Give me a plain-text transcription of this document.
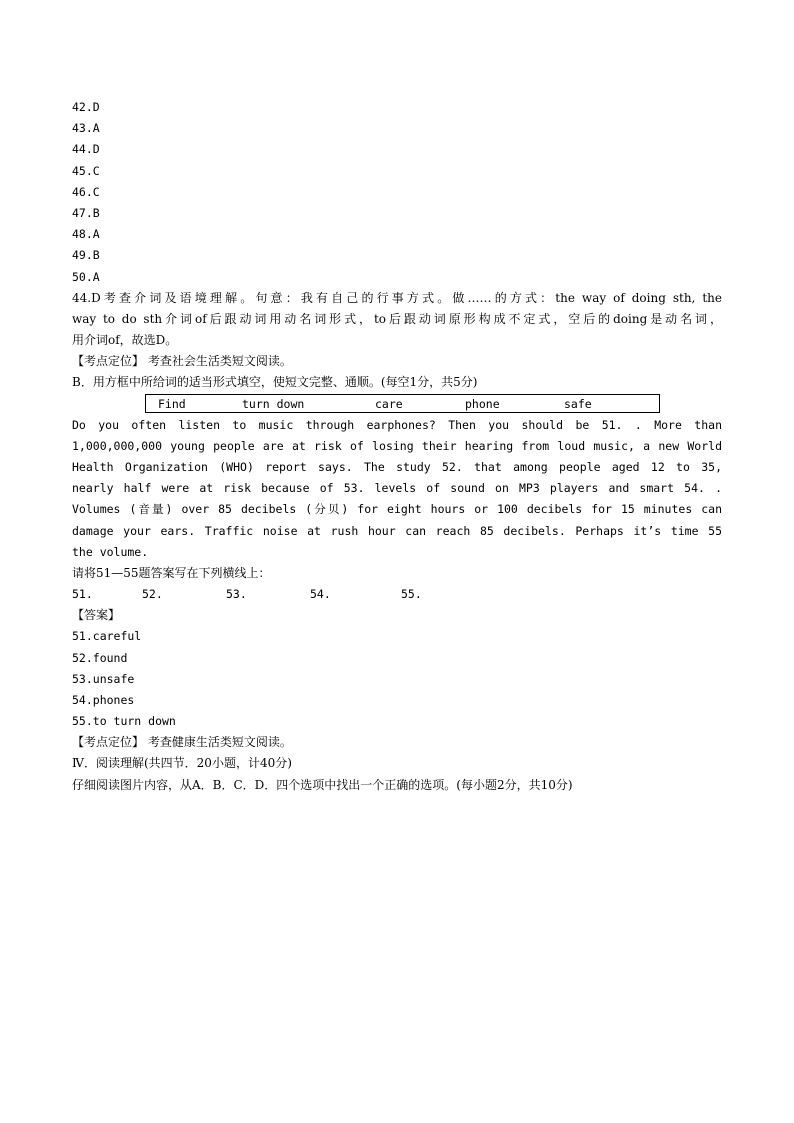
42.D
43.A
44.D
45.C
46.C
47.B
48.A
49.B
50.A
44.D考查介词及语境理解。句意：我有自己的行事方式。做……的方式：the way of doing sth, the
way to do sth介词of后跟动词用动名词形式，to后跟动词原形构成不定式，空后的doing是动名词，
用介词of，故选D。
【考点定位】 考查社会生活类短文阅读。
B．用方框中所给词的适当形式填空，使短文完整、通顺。(每空1分，共5分)
Find	turn down	care	phone	safe
Do you often listen to music through earphones? Then you should be 51. . More than
1,000,000,000 young people are at risk of losing their hearing from loud music, a new World
Health Organization (WHO) report says. The study 52. that among people aged 12 to 35,
nearly half were at risk because of 53. levels of sound on MP3 players and smart 54. .
Volumes (音量) over 85 decibels (分贝) for eight hours or 100 decibels for 15 minutes can
damage your ears. Traffic noise at rush hour can reach 85 decibels. Perhaps it’s time 55
the volume.
请将51—55题答案写在下列横线上：
51.	52.	53.	54.	55.
【答案】
51.careful
52.found
53.unsafe
54.phones
55.to turn down
【考点定位】 考查健康生活类短文阅读。
Ⅳ．阅读理解(共四节．20小题，计40分)
仔细阅读图片内容，从A．B．C．D．四个选项中找出一个正确的选项。(每小题2分，共10分)
